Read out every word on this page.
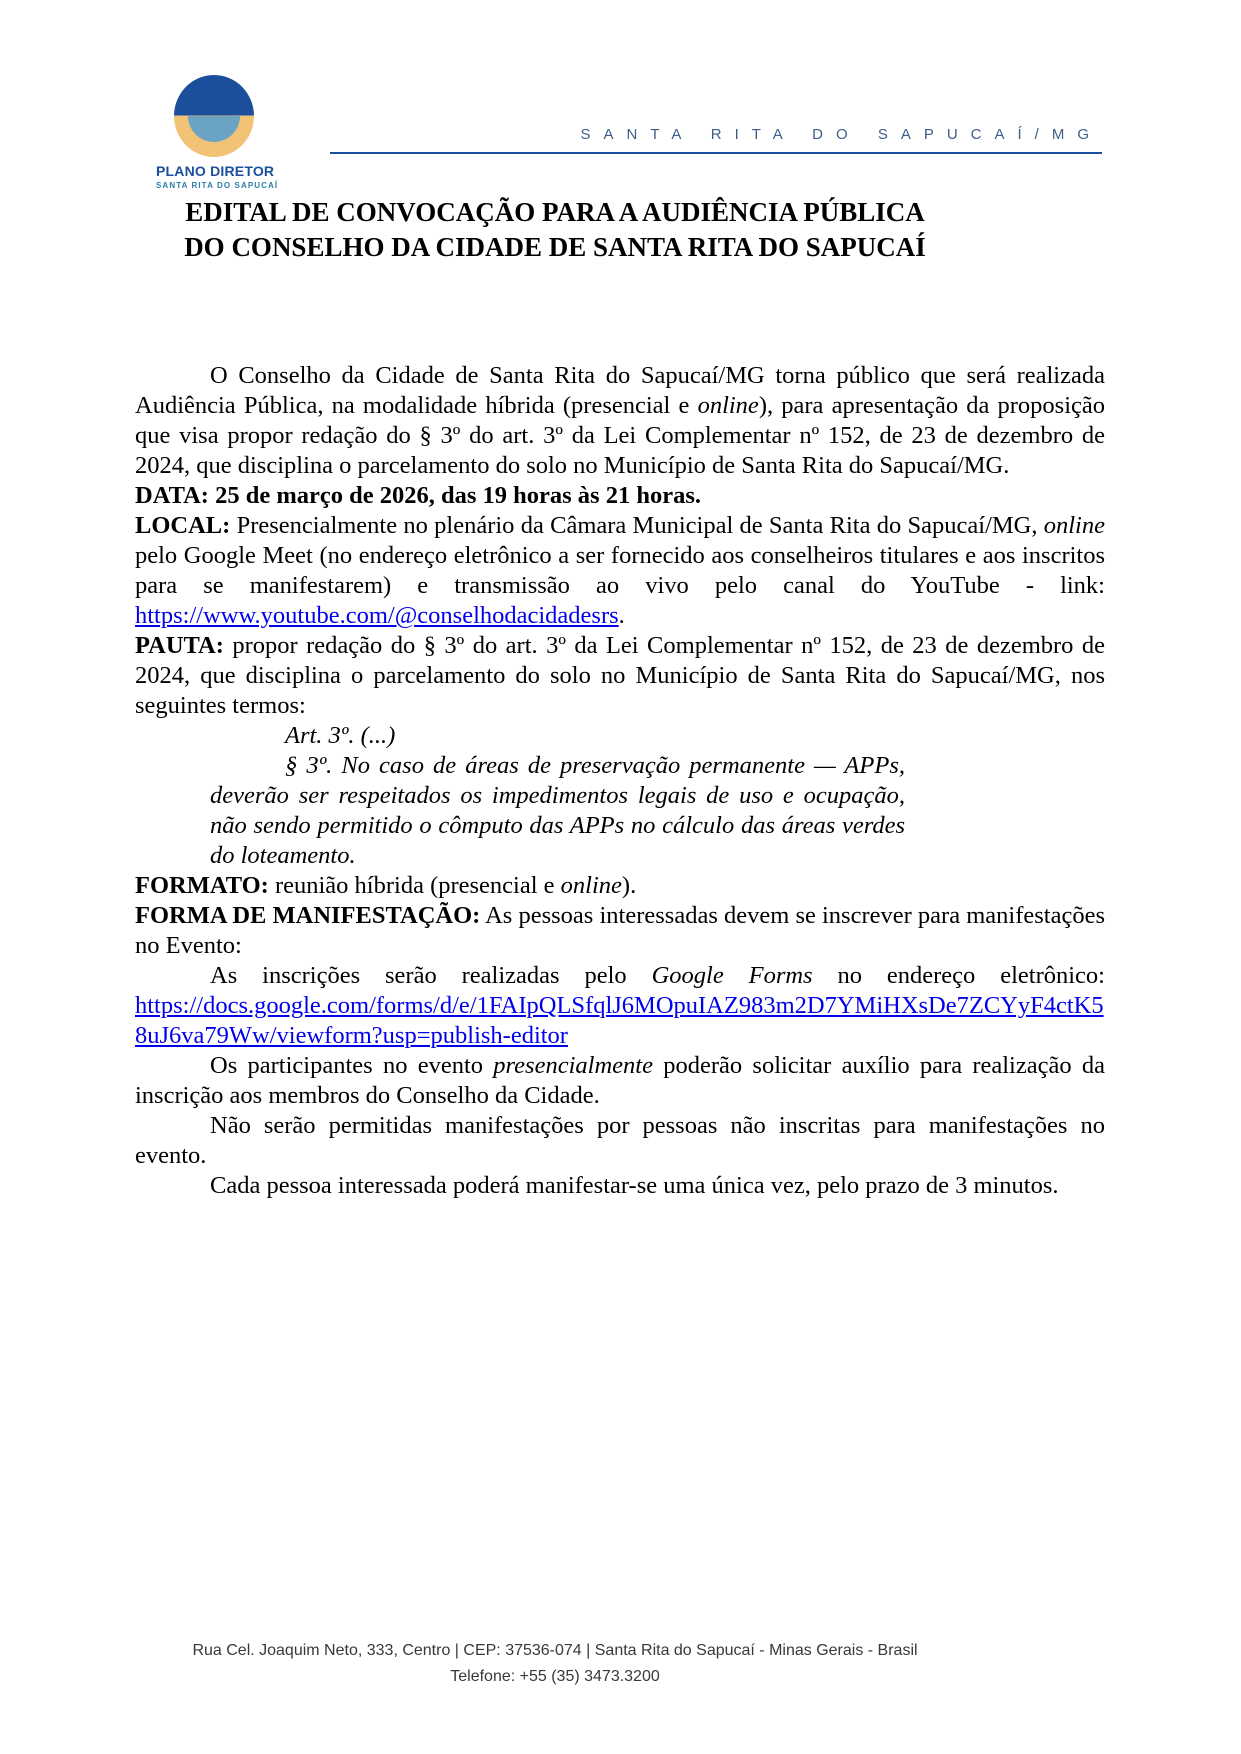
PLANO DIRETOR
SANTA RITA DO SAPUCAÍ
SANTA RITA DO SAPUCAÍ/MG
EDITAL DE CONVOCAÇÃO PARA A AUDIÊNCIA PÚBLICA
DO CONSELHO DA CIDADE DE SANTA RITA DO SAPUCAÍ

O Conselho da Cidade de Santa Rita do Sapucaí/MG torna público que será realizada Audiência Pública, na modalidade híbrida (presencial e online), para apresentação da proposição que visa propor redação do § 3º do art. 3º da Lei Complementar nº 152, de 23 de dezembro de 2024, que disciplina o parcelamento do solo no Município de Santa Rita do Sapucaí/MG.

DATA: 25 de março de 2026, das 19 horas às 21 horas.

LOCAL: Presencialmente no plenário da Câmara Municipal de Santa Rita do Sapucaí/MG, online pelo Google Meet (no endereço eletrônico a ser fornecido aos conselheiros titulares e aos inscritos para se manifestarem) e transmissão ao vivo pelo canal do YouTube - link: https://www.youtube.com/@conselhodacidadesrs.

PAUTA: propor redação do § 3º do art. 3º da Lei Complementar nº 152, de 23 de dezembro de 2024, que disciplina o parcelamento do solo no Município de Santa Rita do Sapucaí/MG, nos seguintes termos:

Art. 3º. (...)

§ 3º. No caso de áreas de preservação permanente — APPs, deverão ser respeitados os impedimentos legais de uso e ocupação, não sendo permitido o cômputo das APPs no cálculo das áreas verdes do loteamento.

FORMATO: reunião híbrida (presencial e online).

FORMA DE MANIFESTAÇÃO: As pessoas interessadas devem se inscrever para manifestações no Evento:

As inscrições serão realizadas pelo Google Forms no endereço eletrônico:

https://docs.google.com/forms/d/e/1FAIpQLSfqlJ6MOpuIAZ983m2D7YMiHXsDe7ZCYyF4ctK58uJ6va79Ww/viewform?usp=publish-editor

Os participantes no evento presencialmente poderão solicitar auxílio para realização da inscrição aos membros do Conselho da Cidade.

Não serão permitidas manifestações por pessoas não inscritas para manifestações no evento.

Cada pessoa interessada poderá manifestar-se uma única vez, pelo prazo de 3 minutos.

Rua Cel. Joaquim Neto, 333, Centro | CEP: 37536-074 | Santa Rita do Sapucaí - Minas Gerais - Brasil
Telefone: +55 (35) 3473.3200
